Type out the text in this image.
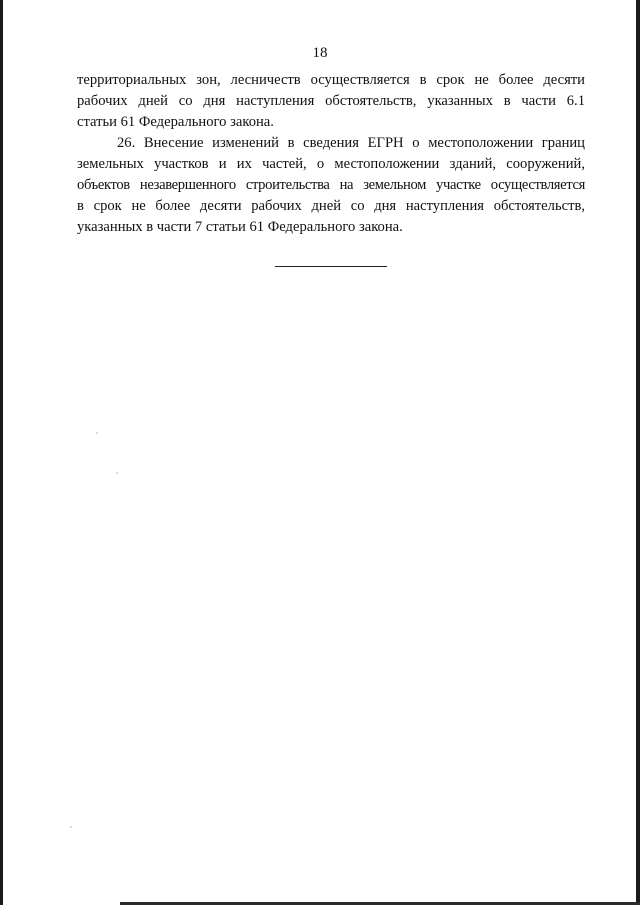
18

территориальных зон, лесничеств осуществляется в срок не более десяти
рабочих дней со дня наступления обстоятельств, указанных в части 6.1
статьи 61 Федерального закона.

26. Внесение изменений в сведения ЕГРН о местоположении границ
земельных участков и их частей, о местоположении зданий, сооружений,
объектов незавершенного строительства на земельном участке осуществляется
в срок не более десяти рабочих дней со дня наступления обстоятельств,
указанных в части 7 статьи 61 Федерального закона.
